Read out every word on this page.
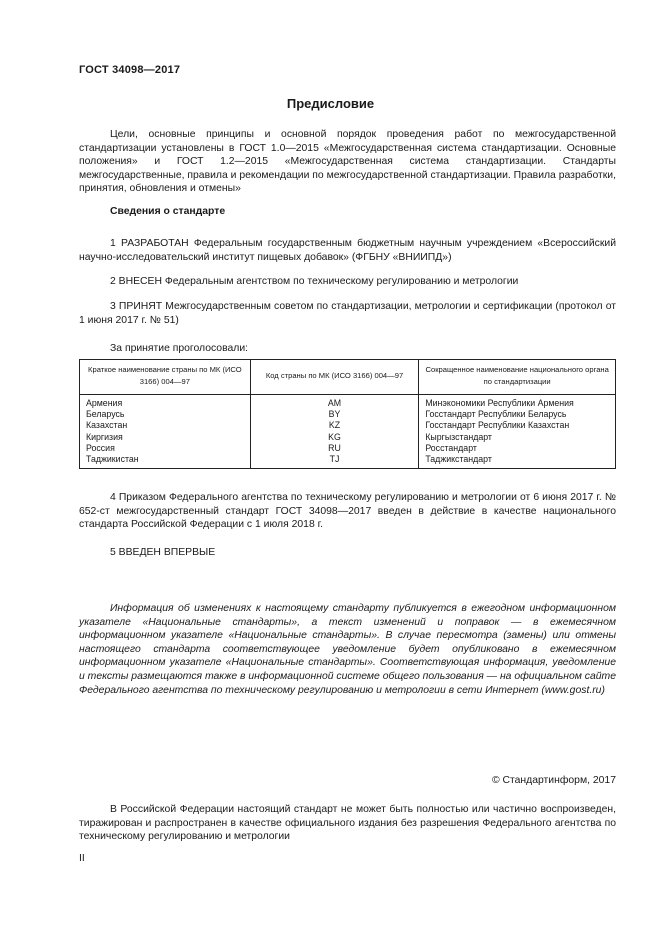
ГОСТ 34098—2017
Предисловие

Цели, основные принципы и основной порядок проведения работ по межгосударственной стандартизации установлены в ГОСТ 1.0—2015 «Межгосударственная система стандартизации. Основные положения» и ГОСТ 1.2—2015 «Межгосударственная система стандартизации. Стандарты межгосударственные, правила и рекомендации по межгосударственной стандартизации. Правила разработки, принятия, обновления и отмены»

Сведения о стандарте

1 РАЗРАБОТАН Федеральным государственным бюджетным научным учреждением «Всероссийский научно-исследовательский институт пищевых добавок» (ФГБНУ «ВНИИПД»)

2 ВНЕСЕН Федеральным агентством по техническому регулированию и метрологии

3 ПРИНЯТ Межгосударственным советом по стандартизации, метрологии и сертификации (протокол от 1 июня 2017 г. № 51)

За принятие проголосовали:

Краткое наименование страны по МК (ИСО 3166) 004—97	Код страны по МК (ИСО 3166) 004—97	Сокращенное наименование национального органа по стандартизации
Армения	AM	Минэкономики Республики Армения
Беларусь	BY	Госстандарт Республики Беларусь
Казахстан	KZ	Госстандарт Республики Казахстан
Киргизия	KG	Кыргызстандарт
Россия	RU	Росстандарт
Таджикистан	TJ	Таджикстандарт

4 Приказом Федерального агентства по техническому регулированию и метрологии от 6 июня 2017 г. № 652-ст межгосударственный стандарт ГОСТ 34098—2017 введен в действие в качестве национального стандарта Российской Федерации с 1 июля 2018 г.

5 ВВЕДЕН ВПЕРВЫЕ

Информация об изменениях к настоящему стандарту публикуется в ежегодном информационном указателе «Национальные стандарты», а текст изменений и поправок — в ежемесячном информационном указателе «Национальные стандарты». В случае пересмотра (замены) или отмены настоящего стандарта соответствующее уведомление будет опубликовано в ежемесячном информационном указателе «Национальные стандарты». Соответствующая информация, уведомление и тексты размещаются также в информационной системе общего пользования — на официальном сайте Федерального агентства по техническому регулированию и метрологии в сети Интернет (www.gost.ru)

© Стандартинформ, 2017

В Российской Федерации настоящий стандарт не может быть полностью или частично воспроизведен, тиражирован и распространен в качестве официального издания без разрешения Федерального агентства по техническому регулированию и метрологии

II
